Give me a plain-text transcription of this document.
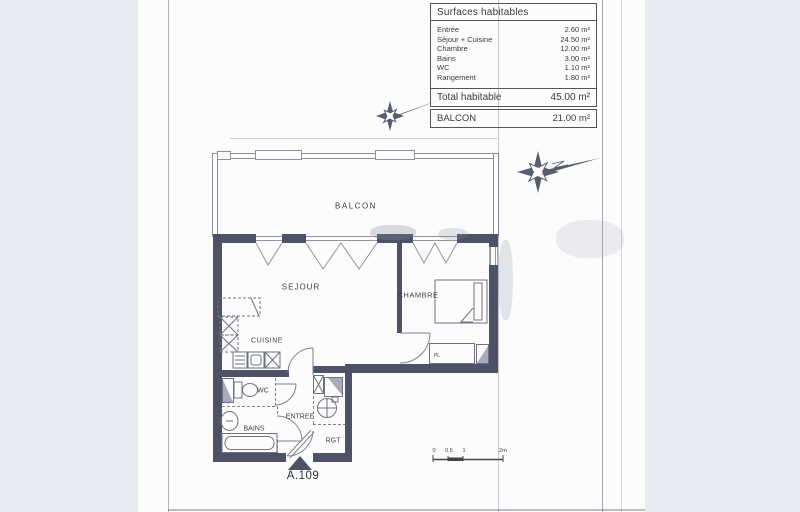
BALCON
SEJOUR
CHAMBRE
CUISINE
WC
BAINS
ENTREE
RGT
PL
A.109
0 0.5 1	2m
Surfaces habitables
Entrée	2.60 m²
Séjour + Cuisine	24.50 m²
Chambre	12.00 m²
Bains	3.00 m²
WC	1.10 m²
Rangement	1.80 m²
Total habitable	45.00 m²
BALCON	21.00 m²
